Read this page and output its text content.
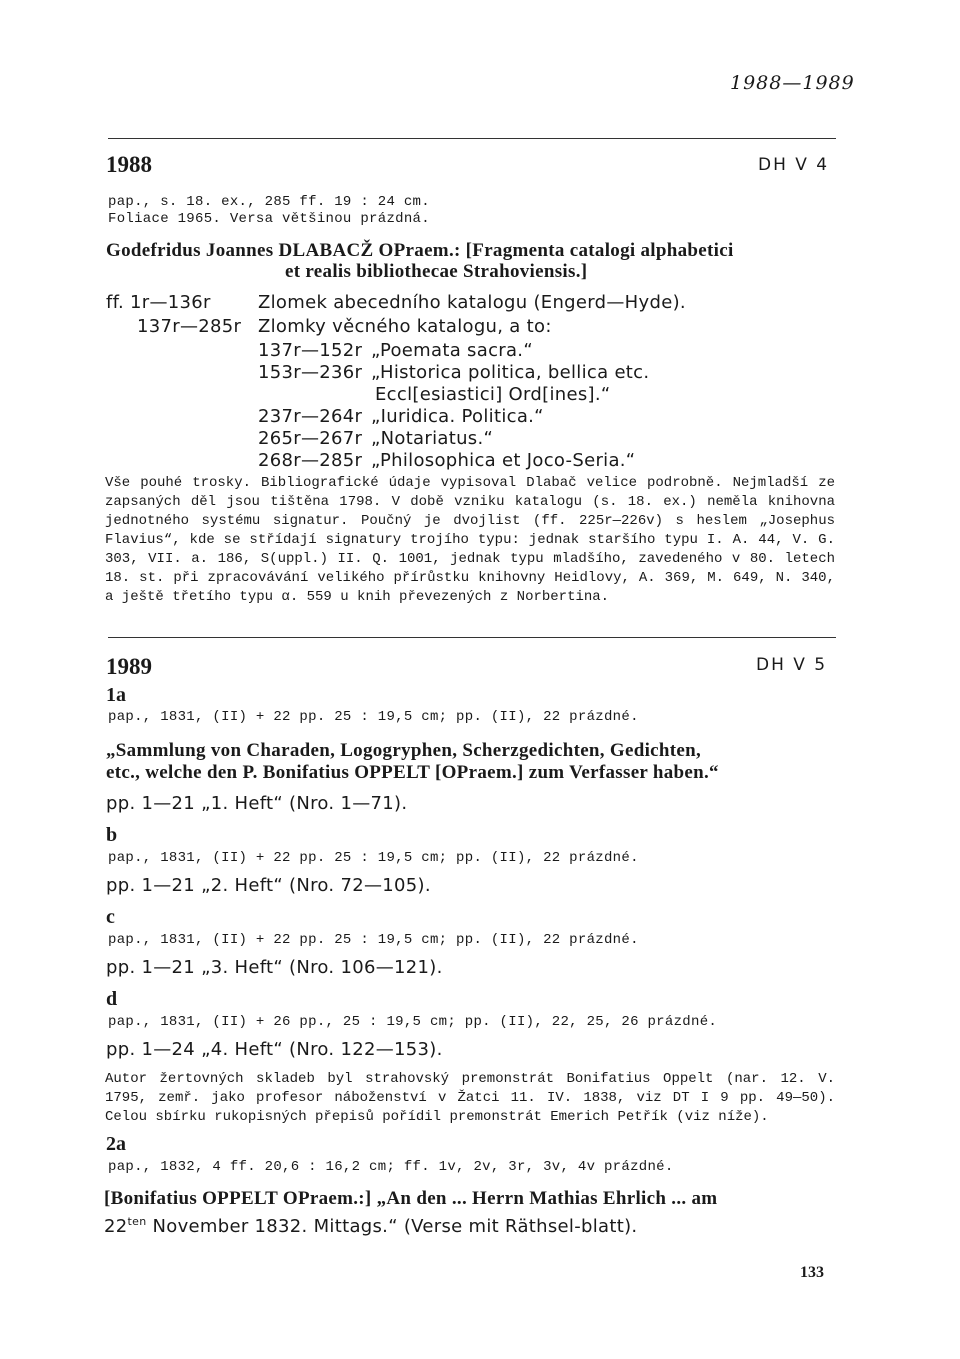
1988—1989
1988	DH V 4
pap., s. 18. ex., 285 ff. 19 : 24 cm.
Foliace 1965. Versa většinou prázdná.
Godefridus Joannes DLABACŽ OPraem.: [Fragmenta catalogi alphabetici
et realis bibliothecae Strahoviensis.]
ff. 1r—136r	Zlomek abecedního katalogu (Engerd—Hyde).
137r—285r Zlomky věcného katalogu, a to:
137r—152r „Poemata sacra.“
153r—236r „Historica politica, bellica etc.
Eccl[esiastici] Ord[ines].“
237r—264r „Iuridica. Politica.“
265r—267r „Notariatus.“
268r—285r „Philosophica et Joco-Seria.“
Vše pouhé trosky. Bibliografické údaje vypisoval Dlabač velice podrobně. Nejmladší ze zapsaných děl jsou tištěna 1798. V době vzniku katalogu (s. 18. ex.) neměla knihovna jednotného systému signatur. Poučný je dvojlist (ff. 225r—226v) s heslem „Josephus Flavius“, kde se střídají signatury trojího typu: jednak staršího typu I. A. 44, V. G. 303, VII. a. 186, S(uppl.) II. Q. 1001, jednak typu mladšího, zavedeného v 80. letech 18. st. při zpracovávání velikého přírůstku knihovny Heidlovy, A. 369, M. 649, N. 340, a ještě třetího typu α. 559 u knih převezených z Norbertina.
1989	DH V 5
1a
pap., 1831, (II) + 22 pp. 25 : 19,5 cm; pp. (II), 22 prázdné.
„Sammlung von Charaden, Logogryphen, Scherzgedichten, Gedichten,
etc., welche den P. Bonifatius OPPELT [OPraem.] zum Verfasser haben.“
pp. 1—21 „1. Heft“ (Nro. 1—71).
b
pap., 1831, (II) + 22 pp. 25 : 19,5 cm; pp. (II), 22 prázdné.
pp. 1—21 „2. Heft“ (Nro. 72—105).
c
pap., 1831, (II) + 22 pp. 25 : 19,5 cm; pp. (II), 22 prázdné.
pp. 1—21 „3. Heft“ (Nro. 106—121).
d
pap., 1831, (II) + 26 pp., 25 : 19,5 cm; pp. (II), 22, 25, 26 prázdné.
pp. 1—24 „4. Heft“ (Nro. 122—153).
Autor žertovných skladeb byl strahovský premonstrát Bonifatius Oppelt (nar. 12. V. 1795, zemř. jako profesor náboženství v Žatci 11. IV. 1838, viz DT I 9 pp. 49—50). Celou sbírku rukopisných přepisů pořídil premonstrát Emerich Petřík (viz níže).
2a
pap., 1832, 4 ff. 20,6 : 16,2 cm; ff. 1v, 2v, 3r, 3v, 4v prázdné.
[Bonifatius OPPELT OPraem.:] „An den ... Herrn Mathias Ehrlich ... am
$22^{ten}$ November 1832. Mittags.“ (Verse mit Räthsel-blatt).
133
